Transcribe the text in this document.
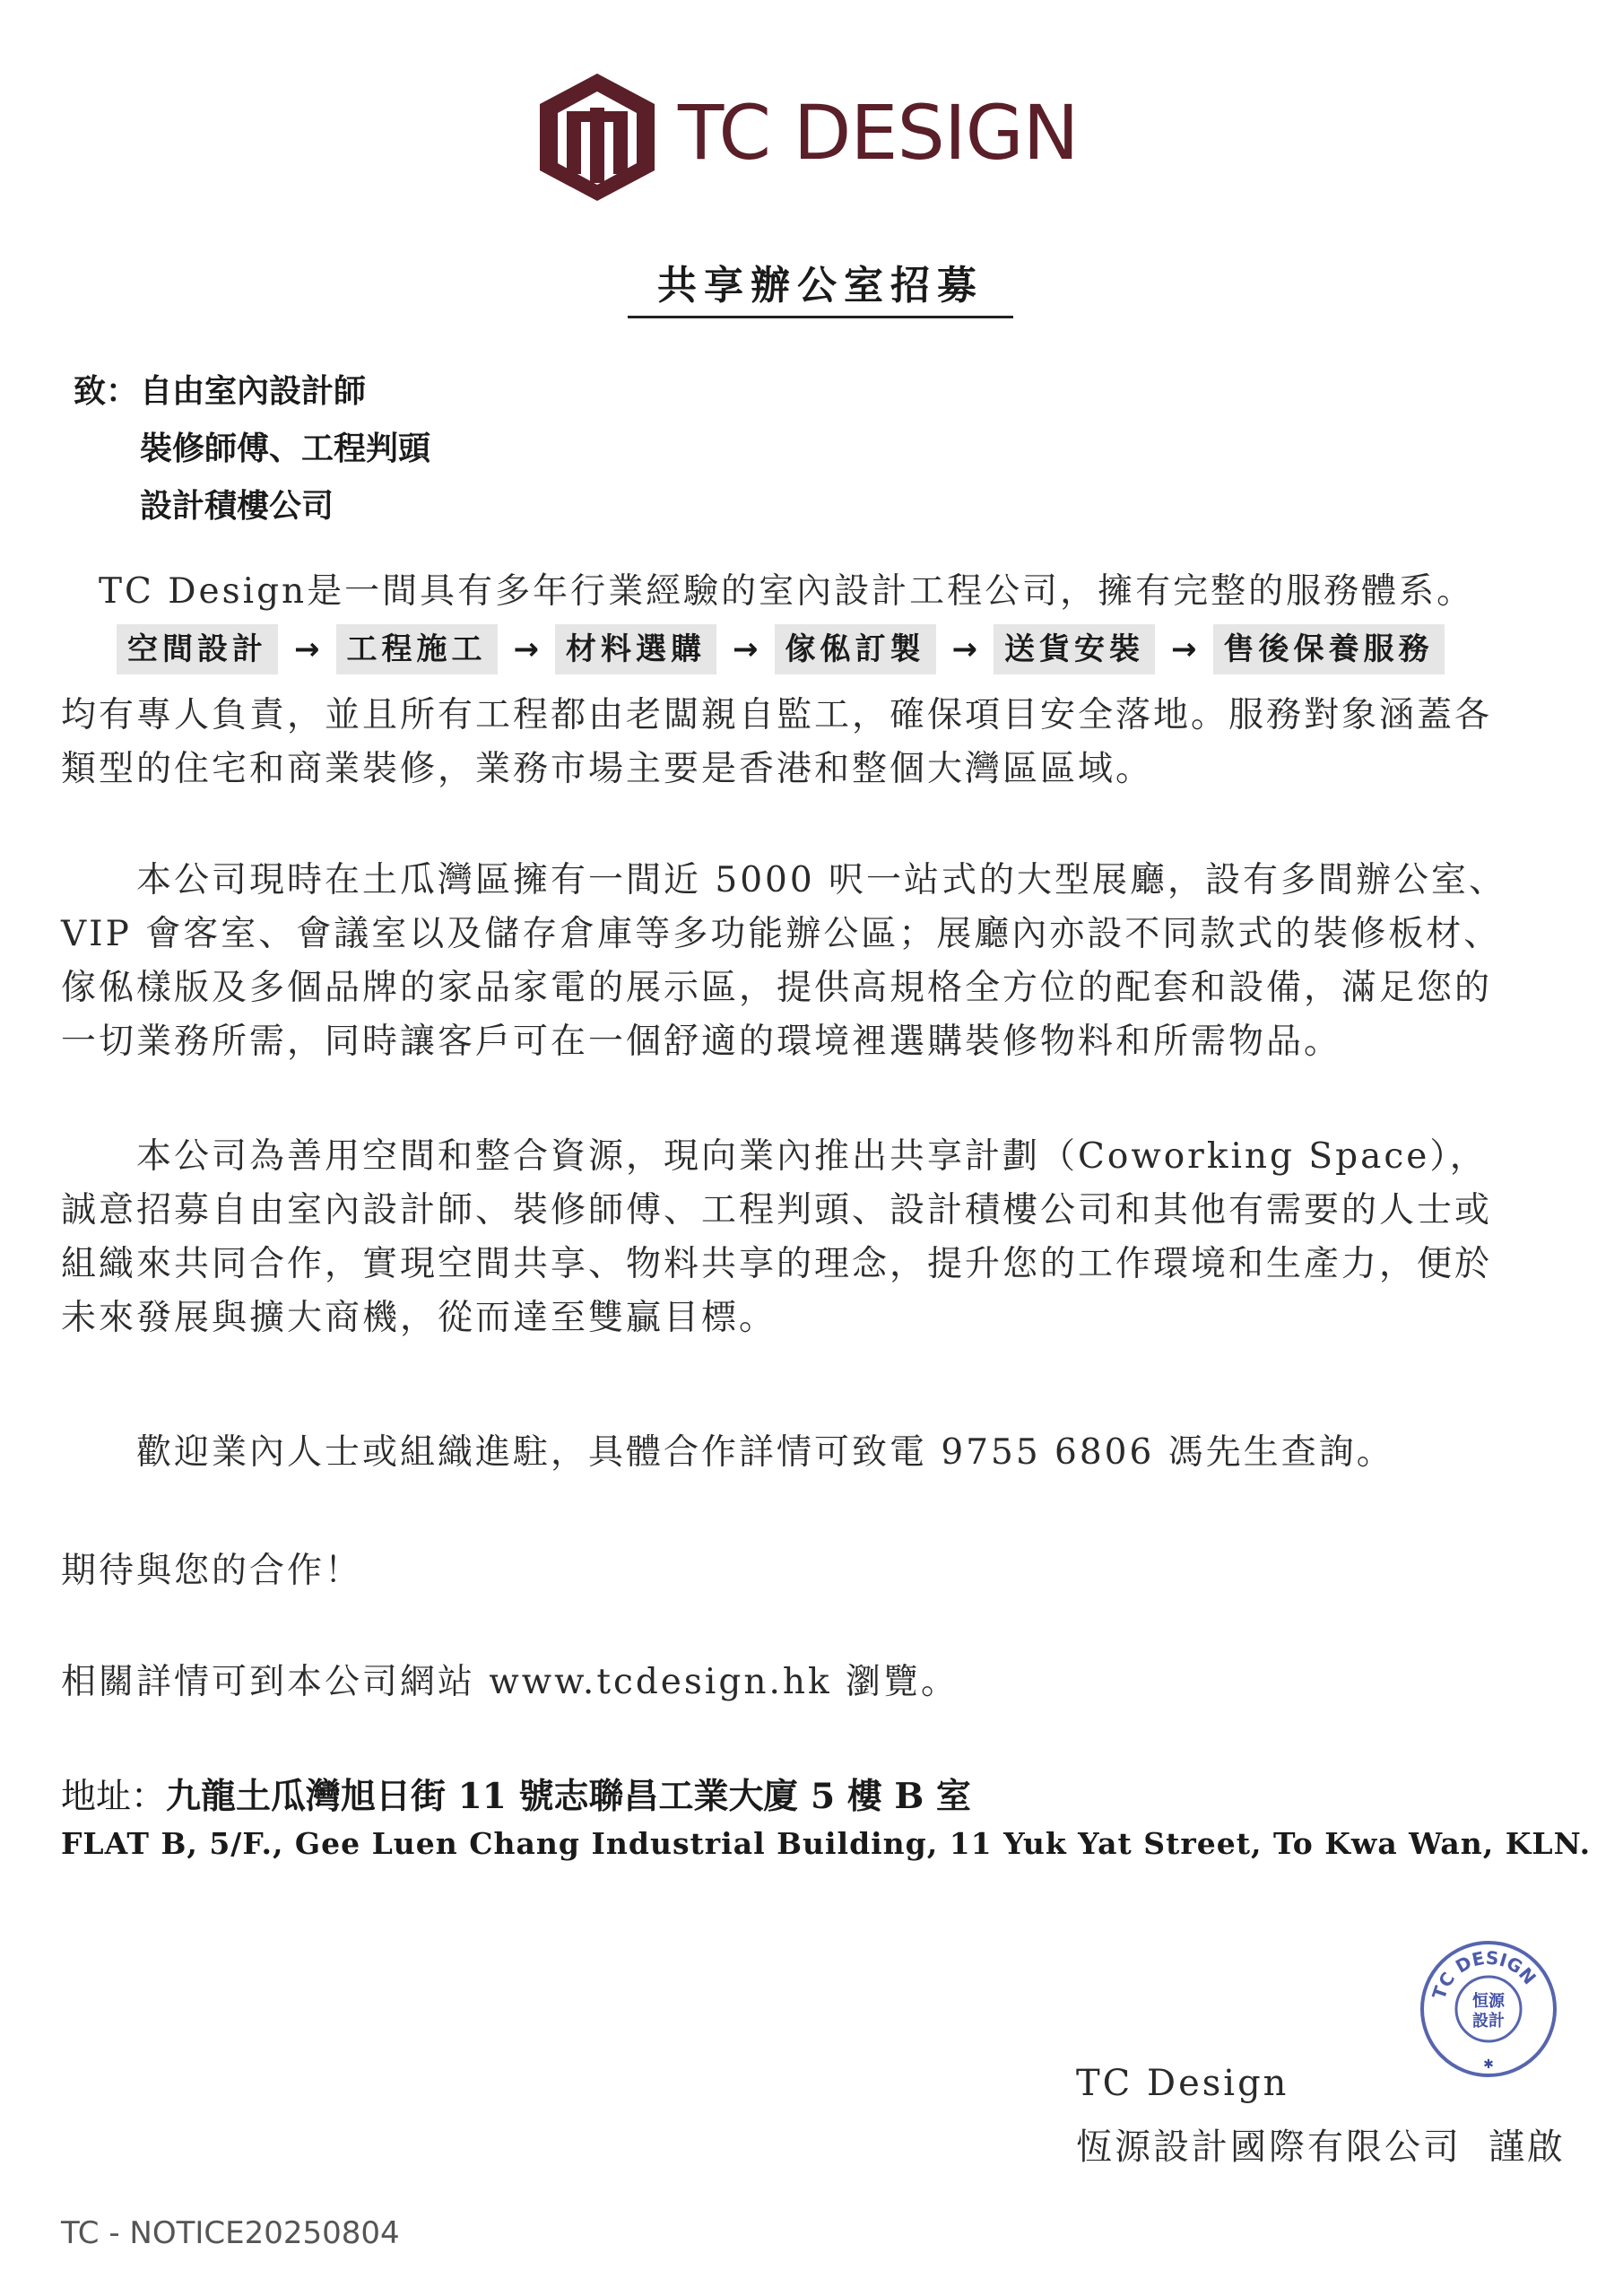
TC DESIGN
共享辦公室招募
致：自由室內設計師
裝修師傅、工程判頭
設計積樓公司
　TC Design是一間具有多年行業經驗的室內設計工程公司，擁有完整的服務體系。
空間設計 → 工程施工 → 材料選購 → 傢俬訂製 → 送貨安裝 → 售後保養服務
均有專人負責，並且所有工程都由老闆親自監工，確保項目安全落地。服務對象涵蓋各
類型的住宅和商業裝修，業務市場主要是香港和整個大灣區區域。
　　本公司現時在土瓜灣區擁有一間近 5000 呎一站式的大型展廳，設有多間辦公室、
VIP 會客室、會議室以及儲存倉庫等多功能辦公區；展廳內亦設不同款式的裝修板材、
傢俬樣版及多個品牌的家品家電的展示區，提供高規格全方位的配套和設備，滿足您的
一切業務所需，同時讓客戶可在一個舒適的環境裡選購裝修物料和所需物品。
　　本公司為善用空間和整合資源，現向業內推出共享計劃（Coworking Space），
誠意招募自由室內設計師、裝修師傅、工程判頭、設計積樓公司和其他有需要的人士或
組織來共同合作，實現空間共享、物料共享的理念，提升您的工作環境和生產力，便於
未來發展與擴大商機，從而達至雙贏目標。
　　歡迎業內人士或組織進駐，具體合作詳情可致電 9755 6806 馮先生查詢。
期待與您的合作！
相關詳情可到本公司網站 www.tcdesign.hk 瀏覽。
地址：九龍土瓜灣旭日街 11 號志聯昌工業大廈 5 樓 B 室
FLAT B, 5/F., Gee Luen Chang Industrial Building, 11 Yuk Yat Street, To Kwa Wan, KLN.
TC DESIGN
恒源
設計
✱
TC Design
恆源設計國際有限公司 謹啟
TC - NOTICE20250804
